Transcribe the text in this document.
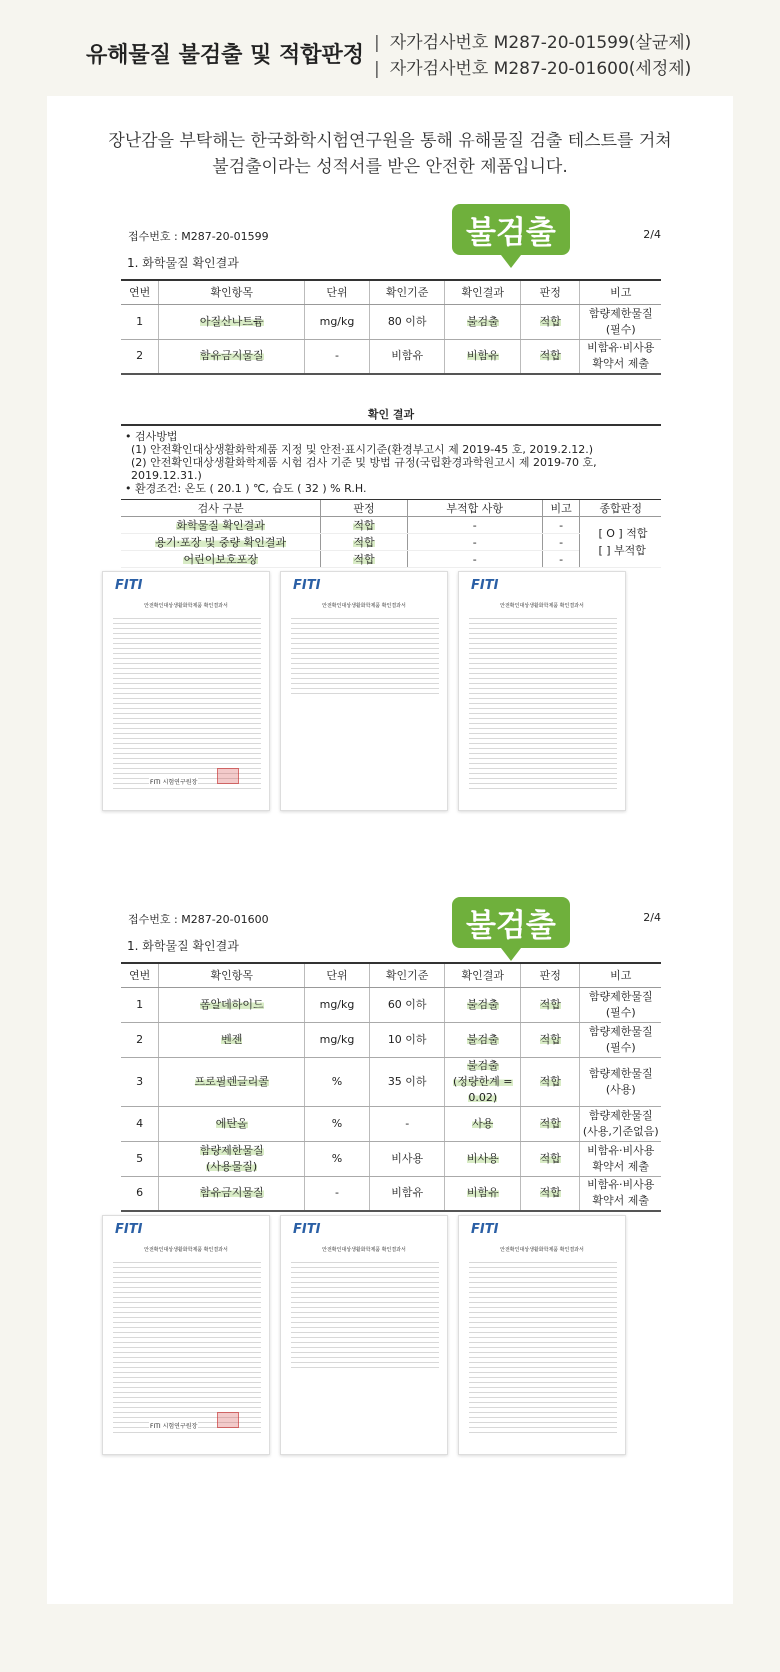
유해물질 불검출 및 적합판정	| 자가검사번호 M287-20-01599(살균제)
| 자가검사번호 M287-20-01600(세정제)
장난감을 부탁해는 한국화학시험연구원을 통해 유해물질 검출 테스트를 거쳐
불검출이라는 성적서를 받은 안전한 제품입니다.
불검출
접수번호 : M287-20-01599	2/4
1. 화학물질 확인결과
연번	확인항목	단위	확인기준	확인결과	판정	비고
1	아질산나트륨	mg/kg	80 이하	불검출	적합	함량제한물질
(필수)
2	함유금지물질	-	비함유	비함유	적합	비함유·비사용
확약서 제출
확인 결과
• 검사방법
(1) 안전확인대상생활화학제품 지정 및 안전·표시기준(환경부고시 제 2019-45 호, 2019.2.12.)
(2) 안전확인대상생활화학제품 시험 검사 기준 및 방법 규정(국립환경과학원고시 제 2019-70 호, 2019.12.31.)
• 환경조건: 온도 ( 20.1 ) ℃, 습도 ( 32 ) % R.H.
검사 구분	판정	부적합 사항	비고	종합판정
화학물질 확인결과	적합	-	-	[ O ] 적합
[ ] 부적합

용기·포장 및 중량 확인결과	적합	-	-	
어린이보호포장	적합	-	-	
FITI
안전확인대상생활화학제품 확인결과서
FITI 시험연구원장
FITI
안전확인대상생활화학제품 확인결과서
FITI
안전확인대상생활화학제품 확인결과서
불검출
접수번호 : M287-20-01600	2/4
1. 화학물질 확인결과
연번	확인항목	단위	확인기준	확인결과	판정	비고
1	폼알데하이드	mg/kg	60 이하	불검출	적합	함량제한물질
(필수)
2	벤젠	mg/kg	10 이하	불검출	적합	함량제한물질
(필수)
3	프로필렌글리콜	%	35 이하	불검출
(정량한계 = 0.02)	적합	함량제한물질
(사용)
4	에탄올	%	-	사용	적합	함량제한물질
(사용,기준없음)
5	함량제한물질
(사용물질)	%	비사용	비사용	적합	비함유·비사용
확약서 제출
6	함유금지물질	-	비함유	비함유	적합	비함유·비사용
확약서 제출
FITI
안전확인대상생활화학제품 확인결과서
FITI 시험연구원장
FITI
안전확인대상생활화학제품 확인결과서
FITI
안전확인대상생활화학제품 확인결과서
